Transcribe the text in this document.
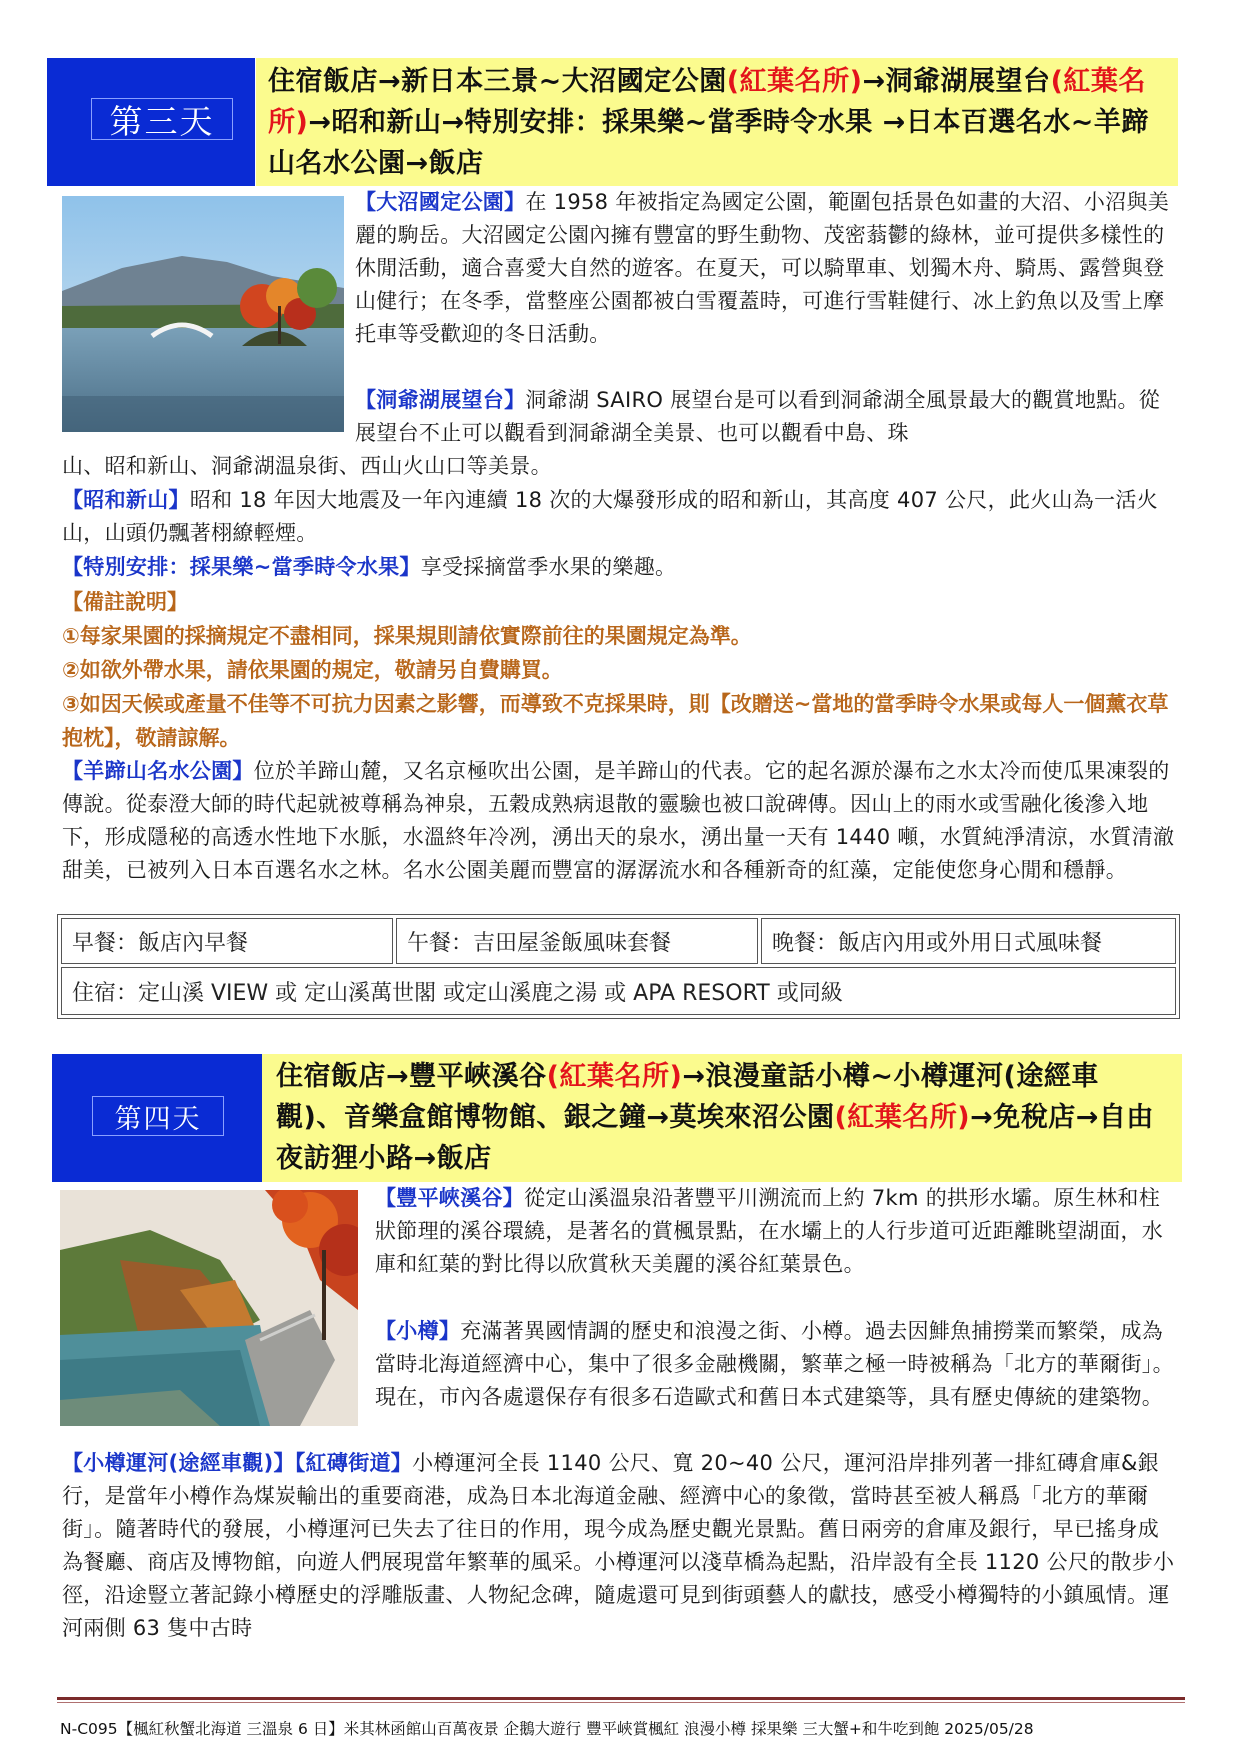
第三天
住宿飯店→新日本三景~大沼國定公園(紅葉名所)→洞爺湖展望台(紅葉名所)→昭和新山→特別安排：採果樂~當季時令水果 →日本百選名水~羊蹄山名水公園→飯店
【大沼國定公園】在 1958 年被指定為國定公園，範圍包括景色如畫的大沼、小沼與美麗的駒岳。大沼國定公園內擁有豐富的野生動物、茂密蓊鬱的綠林，並可提供多樣性的休閒活動，適合喜愛大自然的遊客。在夏天，可以騎單車、划獨木舟、騎馬、露營與登山健行；在冬季，當整座公園都被白雪覆蓋時，可進行雪鞋健行、冰上釣魚以及雪上摩托車等受歡迎的冬日活動。
【洞爺湖展望台】洞爺湖 SAIRO 展望台是可以看到洞爺湖全風景最大的觀賞地點。從展望台不止可以觀看到洞爺湖全美景、也可以觀看中島、珠
山、昭和新山、洞爺湖温泉街、西山火山口等美景。
【昭和新山】昭和 18 年因大地震及一年內連續 18 次的大爆發形成的昭和新山，其高度 407 公尺，此火山為一活火山，山頭仍飄著栩繚輕煙。
【特別安排：採果樂~當季時令水果】享受採摘當季水果的樂趣。
【備註說明】
①每家果園的採摘規定不盡相同，採果規則請依實際前往的果園規定為準。
②如欲外帶水果，請依果園的規定，敬請另自費購買。
③如因天候或產量不佳等不可抗力因素之影響，而導致不克採果時，則【改贈送~當地的當季時令水果或每人一個薰衣草抱枕】，敬請諒解。
【羊蹄山名水公園】位於羊蹄山麓，又名京極吹出公園，是羊蹄山的代表。它的起名源於瀑布之水太冷而使瓜果凍裂的傳說。從泰澄大師的時代起就被尊稱為神泉，五穀成熟病退散的靈驗也被口說碑傳。因山上的雨水或雪融化後滲入地下，形成隱秘的高透水性地下水脈，水溫終年冷冽，湧出天的泉水，湧出量一天有 1440 噸，水質純淨清涼，水質清澈甜美，已被列入日本百選名水之林。名水公園美麗而豐富的潺潺流水和各種新奇的紅藻，定能使您身心閒和穩靜。
早餐：飯店內早餐	午餐：吉田屋釜飯風味套餐	晚餐：飯店內用或外用日式風味餐
住宿：定山溪 VIEW 或 定山溪萬世閣 或定山溪鹿之湯 或 APA RESORT 或同級
第四天
住宿飯店→豐平峽溪谷(紅葉名所)→浪漫童話小樽~小樽運河(途經車觀)、音樂盒館博物館、銀之鐘→莫埃來沼公園(紅葉名所)→免稅店→自由夜訪狸小路→飯店
【豐平峽溪谷】從定山溪溫泉沿著豐平川溯流而上約 7km 的拱形水壩。原生林和柱狀節理的溪谷環繞，是著名的賞楓景點，在水壩上的人行步道可近距離眺望湖面，水庫和紅葉的對比得以欣賞秋天美麗的溪谷紅葉景色。
【小樽】充滿著異國情調的歷史和浪漫之街、小樽。過去因鯡魚捕撈業而繁榮，成為當時北海道經濟中心，集中了很多金融機關，繁華之極一時被稱為「北方的華爾街」。現在，市內各處還保存有很多石造歐式和舊日本式建築等，具有歷史傳統的建築物。
【小樽運河(途經車觀)】【紅磚街道】小樽運河全長 1140 公尺、寬 20~40 公尺，運河沿岸排列著一排紅磚倉庫&銀行，是當年小樽作為煤炭輸出的重要商港，成為日本北海道金融、經濟中心的象徵，當時甚至被人稱爲「北方的華爾街」。隨著時代的發展，小樽運河已失去了往日的作用，現今成為歷史觀光景點。舊日兩旁的倉庫及銀行，早已搖身成為餐廳、商店及博物館，向遊人們展現當年繁華的風采。小樽運河以淺草橋為起點，沿岸設有全長 1120 公尺的散步小徑，沿途豎立著記錄小樽歷史的浮雕版畫、人物紀念碑，隨處還可見到街頭藝人的獻技，感受小樽獨特的小鎮風情。運河兩側 63 隻中古時
N-C095【楓紅秋蟹北海道 三溫泉 6 日】米其林函館山百萬夜景 企鵝大遊行 豐平峽賞楓紅 浪漫小樽 採果樂 三大蟹+和牛吃到飽 2025/05/28
